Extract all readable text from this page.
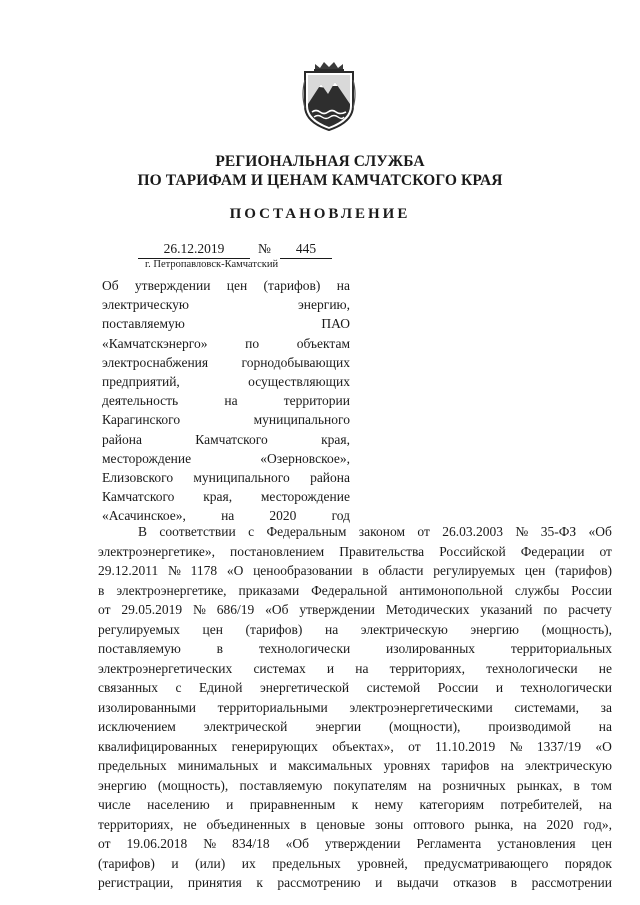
РЕГИОНАЛЬНАЯ СЛУЖБА
ПО ТАРИФАМ И ЦЕНАМ КАМЧАТСКОГО КРАЯ
ПОСТАНОВЛЕНИЕ
26.12.2019	№	445
г. Петропавловск-Камчатский
Об утверждении цен (тарифов) на
электрическую	энергию,
поставляемую	ПАО
«Камчатскэнерго»	по	объектам
электроснабжения горнодобывающих
предприятий,	осуществляющих
деятельность	на	территории
Карагинского	муниципального
района	Камчатского	края,
месторождение	«Озерновское»,
Елизовского муниципального района
Камчатского края, месторождение
«Асачинское»,	на	2020	год
В соответствии с Федеральным законом от 26.03.2003 № 35-ФЗ «Об
электроэнергетике», постановлением Правительства Российской Федерации от
29.12.2011 № 1178 «О ценообразовании в области регулируемых цен (тарифов)
в электроэнергетике, приказами Федеральной антимонопольной службы России
от 29.05.2019 № 686/19 «Об утверждении Методических указаний по расчету
регулируемых цен (тарифов) на электрическую энергию (мощность),
поставляемую	в	технологически	изолированных	территориальных
электроэнергетических системах и на территориях, технологически не
связанных с Единой энергетической системой России и технологически
изолированными территориальными электроэнергетическими системами, за
исключением электрической энергии (мощности), производимой на
квалифицированных генерирующих объектах», от 11.10.2019 № 1337/19 «О
предельных минимальных и максимальных уровнях тарифов на электрическую
энергию (мощность), поставляемую покупателям на розничных рынках, в том
числе населению и приравненным к нему категориям потребителей, на
территориях, не объединенных в ценовые зоны оптового рынка, на 2020 год»,
от 19.06.2018 № 834/18 «Об утверждении Регламента установления цен
(тарифов) и (или) их предельных уровней, предусматривающего порядок
регистрации, принятия к рассмотрению и выдачи отказов в рассмотрении
